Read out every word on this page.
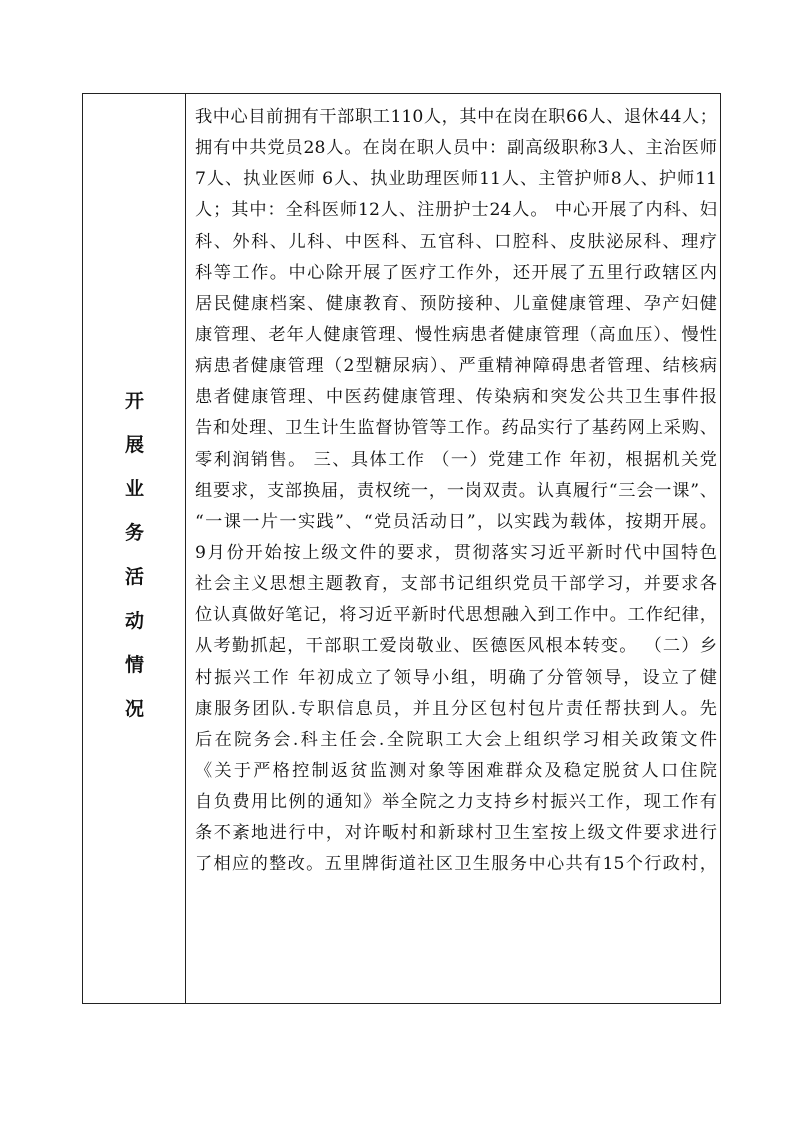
开
展
业
务
活
动
情
况
我中心目前拥有干部职工110人，其中在岗在职66人、退休44人；
拥有中共党员28人。在岗在职人员中：副高级职称3人、主治医师
7人、执业医师 6人、执业助理医师11人、主管护师8人、护师11
人；其中：全科医师12人、注册护士24人。 中心开展了内科、妇
科、外科、儿科、中医科、五官科、口腔科、皮肤泌尿科、理疗
科等工作。中心除开展了医疗工作外，还开展了五里行政辖区内
居民健康档案、健康教育、预防接种、儿童健康管理、孕产妇健
康管理、老年人健康管理、慢性病患者健康管理（高血压）、慢性
病患者健康管理（2型糖尿病）、严重精神障碍患者管理、结核病
患者健康管理、中医药健康管理、传染病和突发公共卫生事件报
告和处理、卫生计生监督协管等工作。药品实行了基药网上采购、
零利润销售。 三、具体工作 （一）党建工作 年初，根据机关党
组要求，支部换届，责权统一，一岗双责。认真履行“三会一课”、
“一课一片一实践”、“党员活动日”，以实践为载体，按期开展。
9月份开始按上级文件的要求，贯彻落实习近平新时代中国特色
社会主义思想主题教育，支部书记组织党员干部学习，并要求各
位认真做好笔记，将习近平新时代思想融入到工作中。工作纪律，
从考勤抓起，干部职工爱岗敬业、医德医风根本转变。 （二）乡
村振兴工作 年初成立了领导小组，明确了分管领导，设立了健
康服务团队.专职信息员，并且分区包村包片责任帮扶到人。先
后在院务会.科主任会.全院职工大会上组织学习相关政策文件
《关于严格控制返贫监测对象等困难群众及稳定脱贫人口住院
自负费用比例的通知》举全院之力支持乡村振兴工作，现工作有
条不紊地进行中，对许畈村和新球村卫生室按上级文件要求进行
了相应的整改。五里牌街道社区卫生服务中心共有15个行政村，
